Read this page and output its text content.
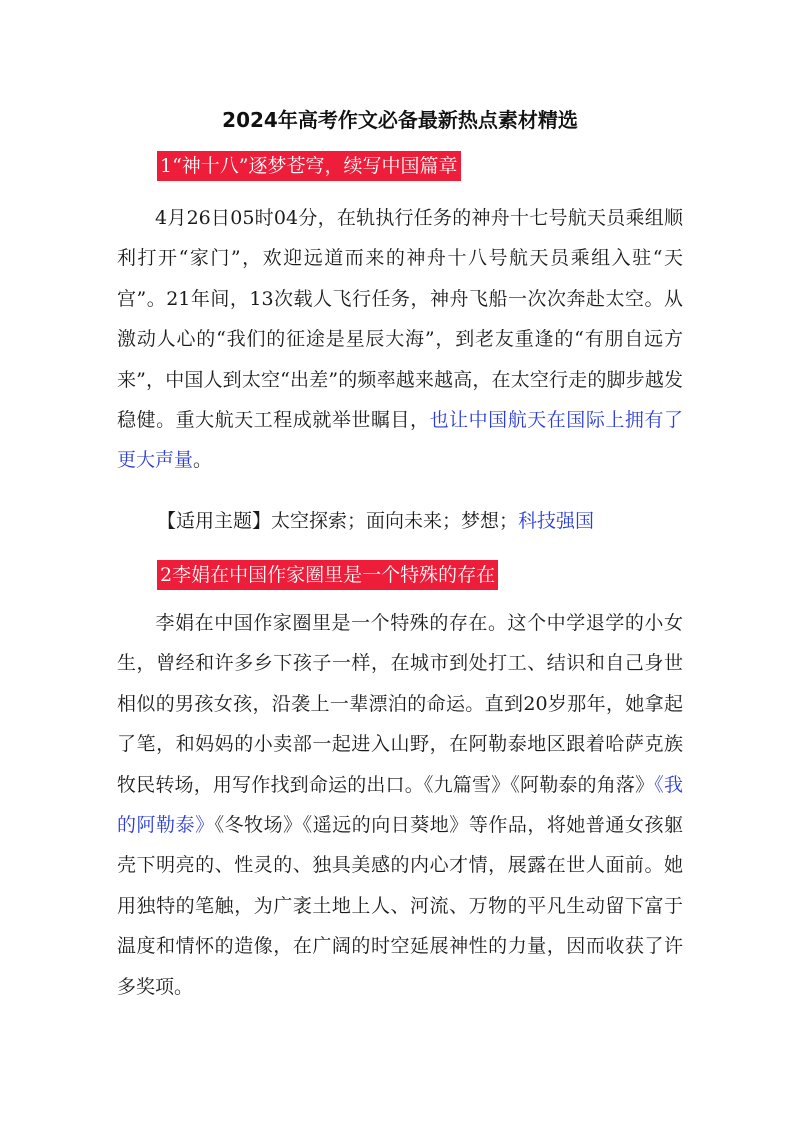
2024年高考作文必备最新热点素材精选
1“神十八”逐梦苍穹，续写中国篇章
4月26日05时04分，在轨执行任务的神舟十七号航天员乘组顺利打开“家门”，欢迎远道而来的神舟十八号航天员乘组入驻“天宫”。21年间，13次载人飞行任务，神舟飞船一次次奔赴太空。从激动人心的“我们的征途是星辰大海”，到老友重逢的“有朋自远方来”，中国人到太空“出差”的频率越来越高，在太空行走的脚步越发稳健。重大航天工程成就举世瞩目，也让中国航天在国际上拥有了更大声量。
【适用主题】太空探索；面向未来；梦想；科技强国
2李娟在中国作家圈里是一个特殊的存在
李娟在中国作家圈里是一个特殊的存在。这个中学退学的小女生，曾经和许多乡下孩子一样，在城市到处打工、结识和自己身世相似的男孩女孩，沿袭上一辈漂泊的命运。直到20岁那年，她拿起了笔，和妈妈的小卖部一起进入山野，在阿勒泰地区跟着哈萨克族牧民转场，用写作找到命运的出口。《九篇雪》《阿勒泰的角落》《我的阿勒泰》《冬牧场》《遥远的向日葵地》等作品，将她普通女孩躯壳下明亮的、性灵的、独具美感的内心才情，展露在世人面前。她用独特的笔触，为广袤土地上人、河流、万物的平凡生动留下富于温度和情怀的造像，在广阔的时空延展神性的力量，因而收获了许多奖项。
